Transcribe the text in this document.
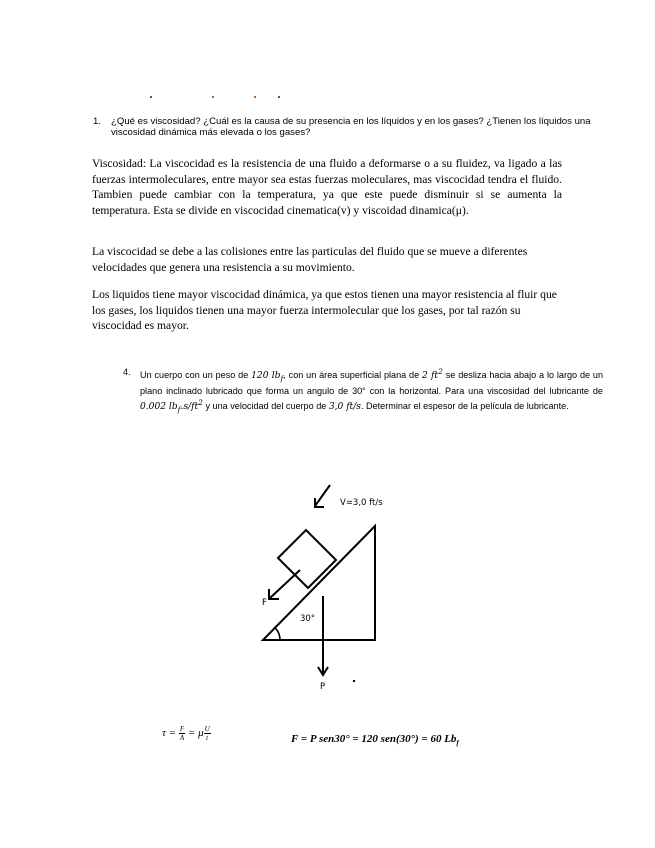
1. ¿Qué es viscosidad? ¿Cuál es la causa de su presencia en los líquidos y en los gases? ¿Tienen los líquidos una viscosidad dinámica más elevada o los gases?
Viscosidad: La viscocidad es la resistencia de una fluido a deformarse o a su fluidez, va ligado a las fuerzas intermoleculares, entre mayor sea estas fuerzas moleculares, mas viscocidad tendra el fluido. Tambien puede cambiar con la temperatura, ya que este puede disminuir si se aumenta la temperatura. Esta se divide en viscocidad cinematica(v) y viscoidad dinamica(μ).
La viscocidad se debe a las colisiones entre las particulas del fluido que se mueve a diferentes velocidades que genera una resistencia a su movimiento.
Los liquidos tiene mayor viscocidad dinámica, ya que estos tienen una mayor resistencia al fluir que los gases, los liquidos tienen una mayor fuerza intermolecular que los gases, por tal razón su viscocidad es mayor.
4. Un cuerpo con un peso de 120 $lb_f$, con un área superficial plana de 2 $ft^2$ se desliza hacia abajo a lo largo de un plano inclinado lubricado que forma un angulo de 30° con la horizontal. Para una viscosidad del lubricante de 0.002 $lb_f.s/ft^2$ y una velocidad del cuerpo de 3,0 ft/s. Determinar el espesor de la película de lubricante.
V=3,0 ft/s
30°
F
P
$\tau = \frac{F}{A} = \mu \frac{U}{t}$	F = P sen30° = 120 sen(30°) = 60 $Lb_f$
